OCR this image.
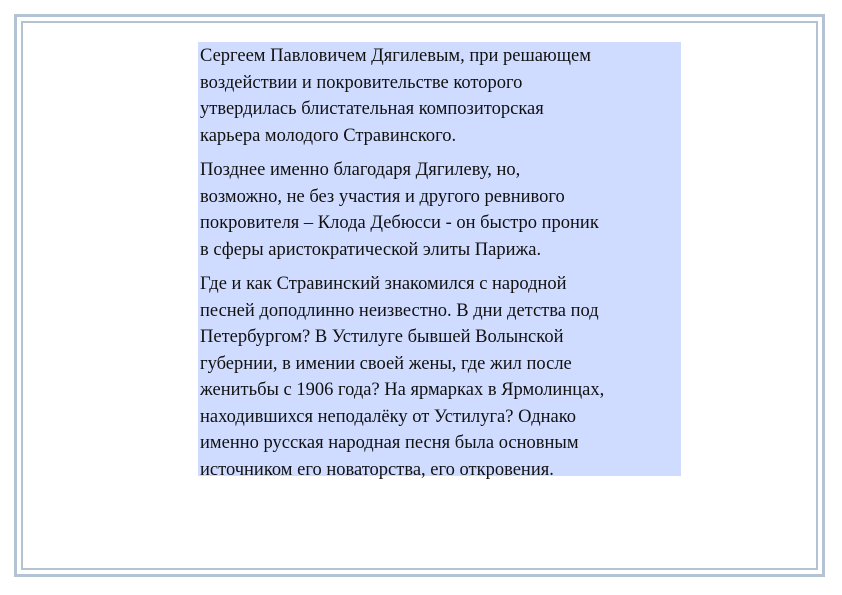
Сергеем Павловичем Дягилевым, при решающем
воздействии и покровительстве которого
утвердилась блистательная композиторская
карьера молодого Стравинского.

Позднее именно благодаря Дягилеву, но,
возможно, не без участия и другого ревнивого
покровителя – Клода Дебюсси - он быстро проник
в сферы аристократической элиты Парижа.

Где и как Стравинский знакомился с народной
песней доподлинно неизвестно. В дни детства под
Петербургом? В Устилуге бывшей Волынской
губернии, в имении своей жены, где жил после
женитьбы с 1906 года? На ярмарках в Ярмолинцах,
находившихся неподалёку от Устилуга? Однако
именно русская народная песня была основным
источником его новаторства, его откровения.
